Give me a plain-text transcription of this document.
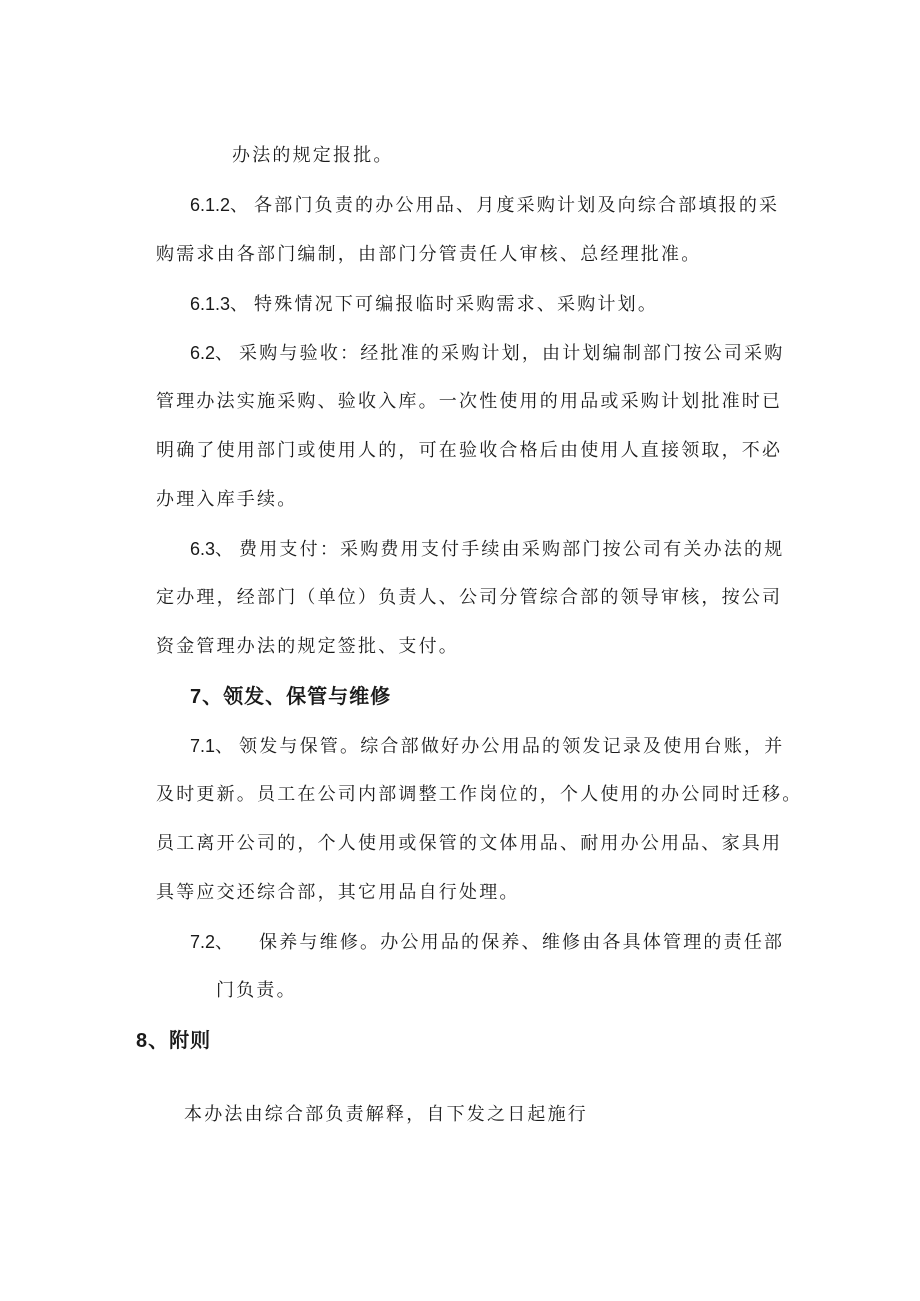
办法的规定报批。
6.1.2、 各部门负责的办公用品、月度采购计划及向综合部填报的采
购需求由各部门编制，由部门分管责任人审核、总经理批准。
6.1.3、 特殊情况下可编报临时采购需求、采购计划。
6.2、 采购与验收：经批准的采购计划，由计划编制部门按公司采购
管理办法实施采购、验收入库。一次性使用的用品或采购计划批准时已
明确了使用部门或使用人的，可在验收合格后由使用人直接领取，不必
办理入库手续。
6.3、 费用支付：采购费用支付手续由采购部门按公司有关办法的规
定办理，经部门（单位）负责人、公司分管综合部的领导审核，按公司
资金管理办法的规定签批、支付。
7、领发、保管与维修
7.1、 领发与保管。综合部做好办公用品的领发记录及使用台账，并
及时更新。员工在公司内部调整工作岗位的，个人使用的办公同时迁移。
员工离开公司的，个人使用或保管的文体用品、耐用办公用品、家具用
具等应交还综合部，其它用品自行处理。
7.2、 保养与维修。办公用品的保养、维修由各具体管理的责任部
门负责。
8、附则
本办法由综合部负责解释，自下发之日起施行
